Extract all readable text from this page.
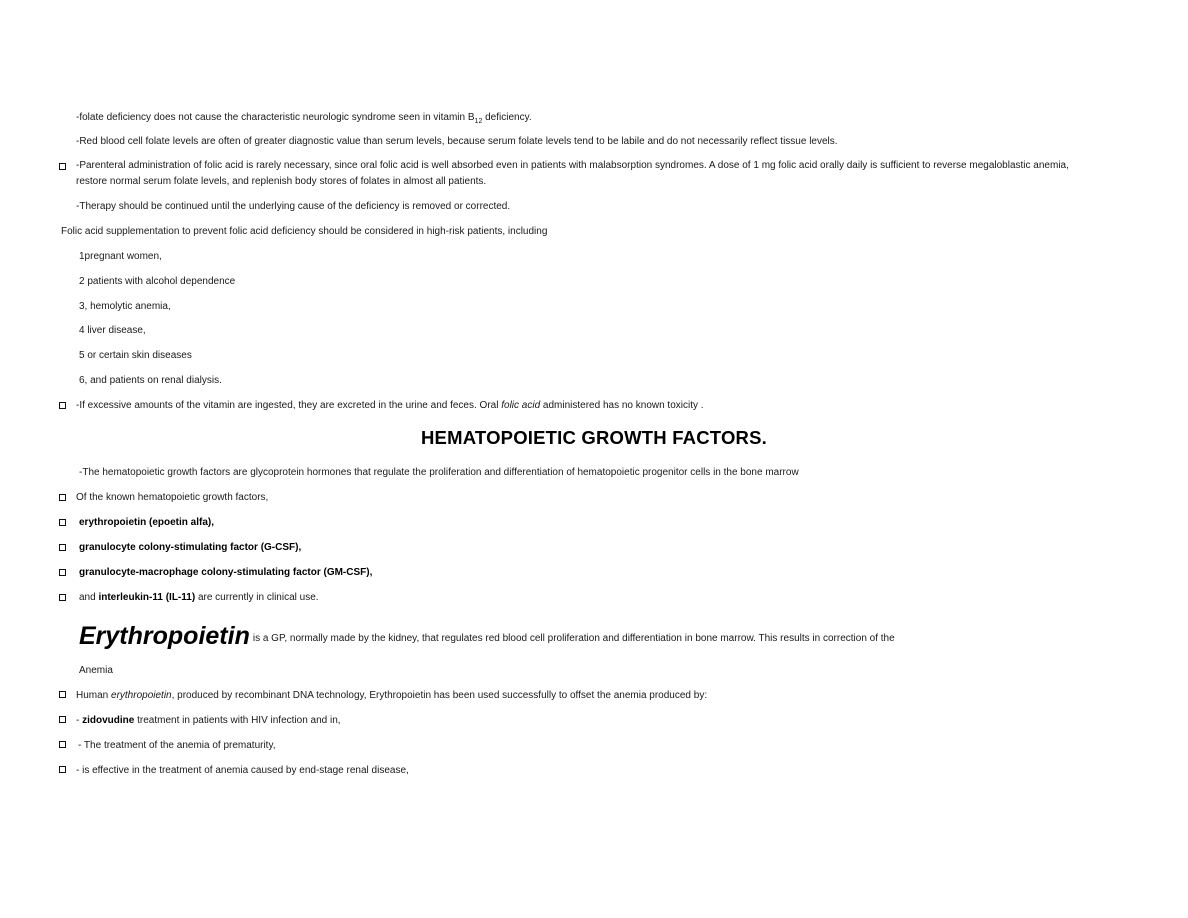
-folate deficiency does not cause the characteristic neurologic syndrome seen in vitamin $B_{12}$ deficiency.
-Red blood cell folate levels are often of greater diagnostic value than serum levels, because serum folate levels tend to be labile and do not necessarily reflect tissue levels.
-Parenteral administration of folic acid is rarely necessary, since oral folic acid is well absorbed even in patients with malabsorption syndromes. A dose of 1 mg folic acid orally daily is sufficient to reverse megaloblastic anemia, restore normal serum folate levels, and replenish body stores of folates in almost all patients.
-Therapy should be continued until the underlying cause of the deficiency is removed or corrected.
Folic acid supplementation to prevent folic acid deficiency should be considered in high-risk patients, including
1pregnant women,
2 patients with alcohol dependence
3, hemolytic anemia,
4 liver disease,
5 or certain skin diseases
6, and patients on renal dialysis.
-If excessive amounts of the vitamin are ingested, they are excreted in the urine and feces. Oral folic acid administered has no known toxicity .
HEMATOPOIETIC GROWTH FACTORS.
-The hematopoietic growth factors are glycoprotein hormones that regulate the proliferation and differentiation of hematopoietic progenitor cells in the bone marrow
Of the known hematopoietic growth factors,
erythropoietin (epoetin alfa),
granulocyte colony-stimulating factor (G-CSF),
granulocyte-macrophage colony-stimulating factor (GM-CSF),
and interleukin-11 (IL-11) are currently in clinical use.
Erythropoietin is a GP, normally made by the kidney, that regulates red blood cell proliferation and differentiation in bone marrow. This results in correction of the
Anemia
Human erythropoietin, produced by recombinant DNA technology, Erythropoietin has been used successfully to offset the anemia produced by:
- zidovudine treatment in patients with HIV infection and in,
- The treatment of the anemia of prematurity,
- is effective in the treatment of anemia caused by end-stage renal disease,
